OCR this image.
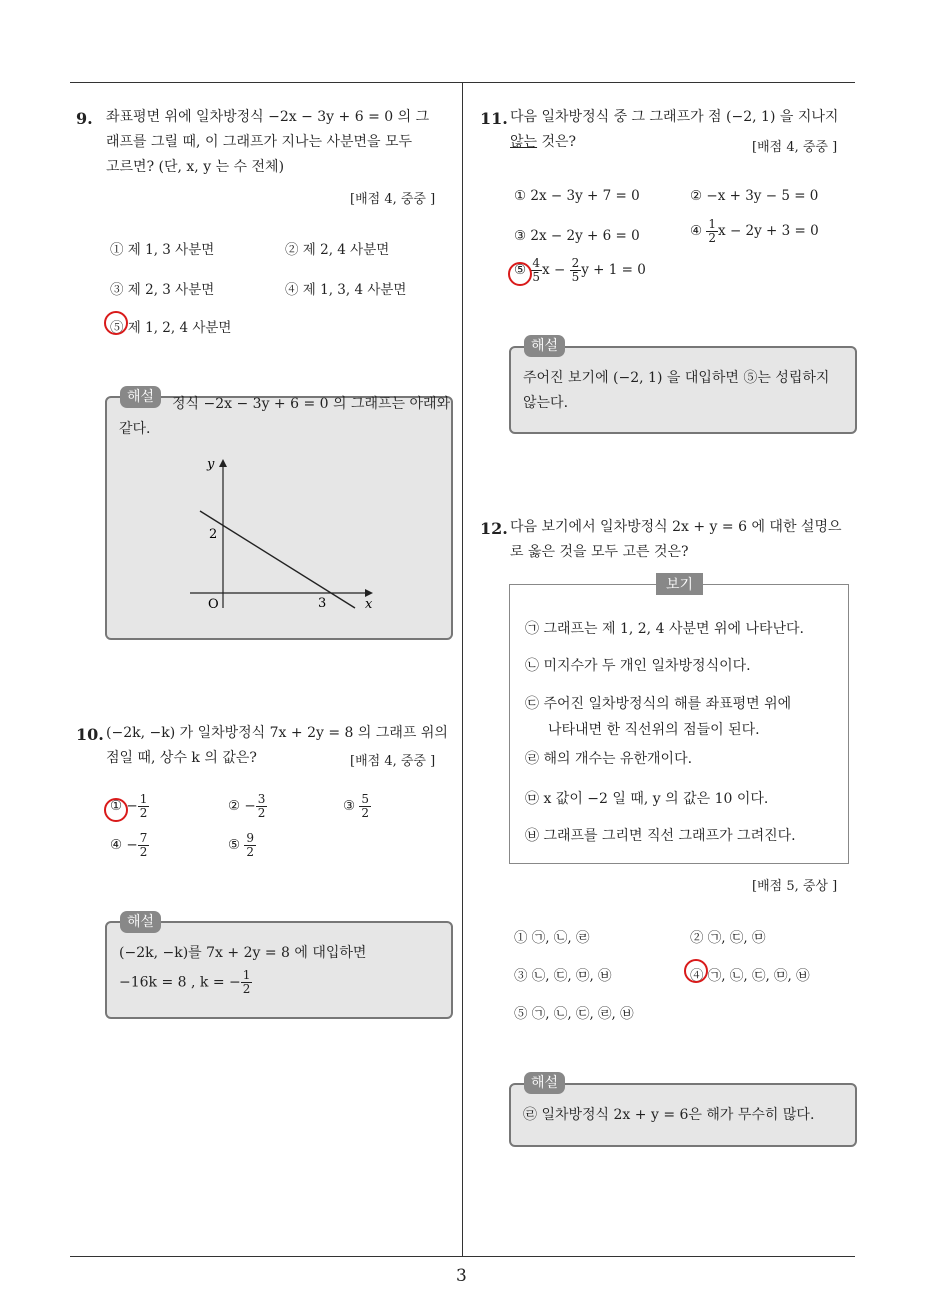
3
9. 좌표평면 위에 일차방정식 −2x − 3y + 6 = 0 의 그
래프를 그릴 때, 이 그래프가 지나는 사분면을 모두
고르면? (단, x, y 는 수 전체)
[배점 4, 중중 ]
① 제 1, 3 사분면	② 제 2, 4 사분면
③ 제 2, 3 사분면	④ 제 1, 3, 4 사분면
⑤ 제 1, 2, 4 사분면
정식 −2x − 3y + 6 = 0 의 그래프는 아래와
같다.
y
x
O
2
3
해설
10. (−2k, −k) 가 일차방정식 7x + 2y = 8 의 그래프 위의
점일 때, 상수 k 의 값은?	[배점 4, 중중 ]
① − $\frac{1}{2}$	② − $\frac{3}{2}$	③ $\frac{5}{2}$
④ − $\frac{7}{2}$	⑤ $\frac{9}{2}$
(−2k, −k)를 7x + 2y = 8 에 대입하면
−16k = 8 , k = − $\frac{1}{2}$
해설
11. 다음 일차방정식 중 그 그래프가 점 (−2, 1) 을 지나지
않는 것은?	[배점 4, 중중 ]
① 2x − 3y + 7 = 0	② −x + 3y − 5 = 0
③ 2x − 2y + 6 = 0	④ $\frac{1}{2}$ x − 2y + 3 = 0
⑤ $\frac{4}{5}$ $x - \frac{2}{5}$ y + 1 = 0
주어진 보기에 (−2, 1) 을 대입하면 ⑤는 성립하지
않는다.
해설
12. 다음 보기에서 일차방정식 2x + y = 6 에 대한 설명으
로 옳은 것을 모두 고른 것은?
㉠ 그래프는 제 1, 2, 4 사분면 위에 나타난다.
㉡ 미지수가 두 개인 일차방정식이다.
㉢ 주어진 일차방정식의 해를 좌표평면 위에
나타내면 한 직선위의 점들이 된다.
㉣ 해의 개수는 유한개이다.
㉤ x 값이 −2 일 때, y 의 값은 10 이다.
㉥ 그래프를 그리면 직선 그래프가 그려진다.
보기
[배점 5, 중상 ]
① ㉠, ㉡, ㉣	② ㉠, ㉢, ㉤
③ ㉡, ㉢, ㉤, ㉥	④ ㉠, ㉡, ㉢, ㉤, ㉥
⑤ ㉠, ㉡, ㉢, ㉣, ㉥
㉣ 일차방정식 2x + y = 6은 해가 무수히 많다.
해설
